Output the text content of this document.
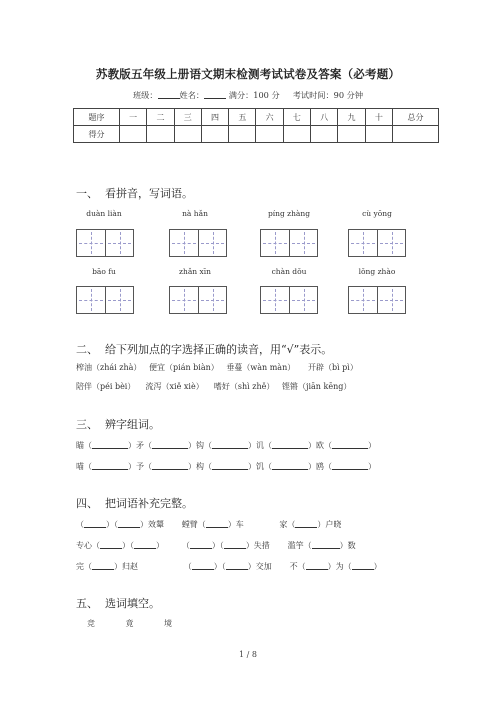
苏教版五年级上册语文期末检测考试试卷及答案（必考题）
班级：	姓名：	满分：100 分 考试时间：90 分钟
题序	一	二	三	四	五	六	七	八	九	十	总分
得分											
一、 看拼音，写词语。
duàn liàn	nà hǎn	píng zhàng	cù yōng
bāo fu	zhǎn xīn	chàn dǒu	lǒng zhào
二、 给下列加点的字选择正确的读音，用“√”表示。
榨油（zhái zhà） 便宜（pián biàn） 垂蔓（wàn màn） 开辟（bì pì）
陪伴（péi bèi） 流泻（xiě xiè） 嗜好（shì zhě） 铿锵（jiān kēng）
三、 辨字组词。
瞄（	）矛（	）钩（	）讥（	）欧（	）
喵（	）予（	）构（	）饥（	）鸥（	）
四、 把词语补充完整。
（	）（	）效颦 螳臂（	）车	家（	）户晓
专心（	）（	） （	）（	）失措 滥竽（	）数
完（	）归赵	（	）（	）交加 不（	）为（	）
五、 选词填空。
竞	竟	境
1 / 8
